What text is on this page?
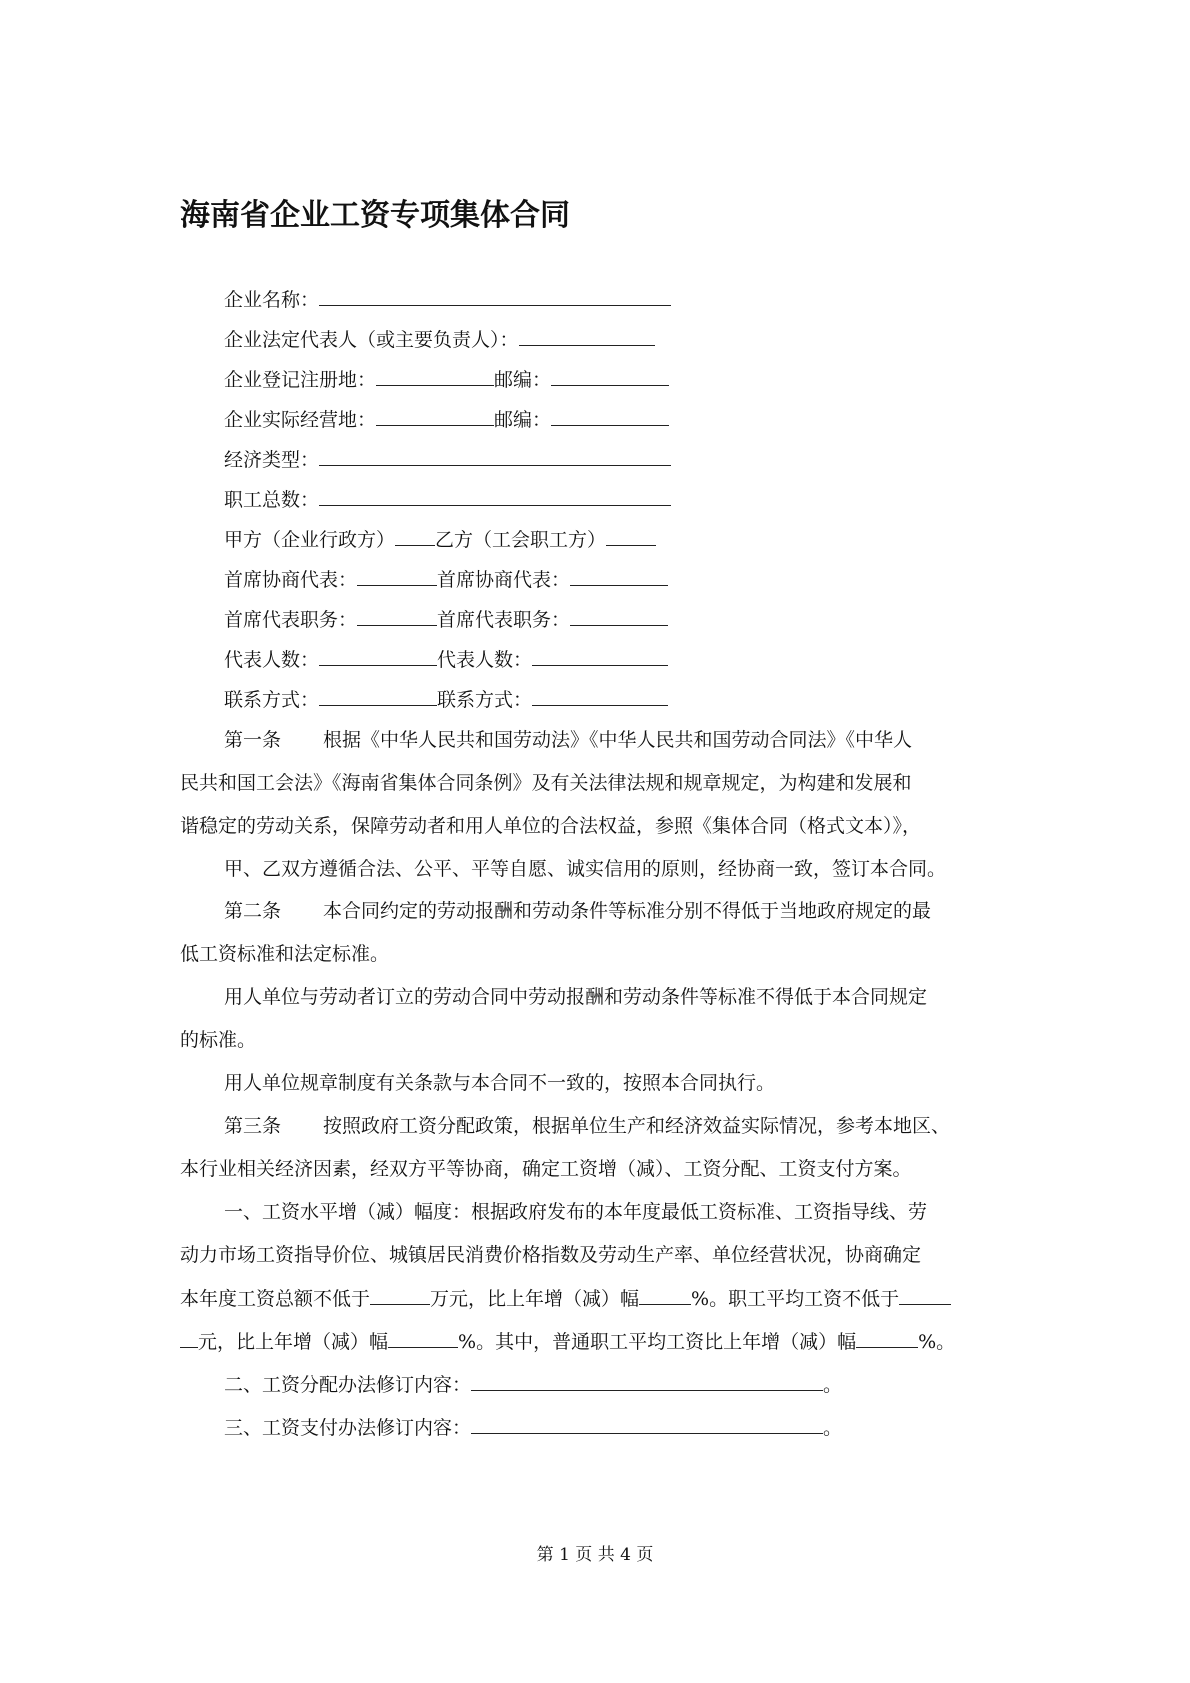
海南省企业工资专项集体合同
企业名称：
企业法定代表人（或主要负责人）：
企业登记注册地：	邮编：
企业实际经营地：	邮编：
经济类型：
职工总数：
甲方（企业行政方） 乙方（工会职工方）
首席协商代表：	首席协商代表：
首席代表职务：	首席代表职务：
代表人数：	代表人数：
联系方式：	联系方式：
第一条 根据《中华人民共和国劳动法》《中华人民共和国劳动合同法》《中华人
民共和国工会法》《海南省集体合同条例》及有关法律法规和规章规定，为构建和发展和
谐稳定的劳动关系，保障劳动者和用人单位的合法权益，参照《集体合同（格式文本）》，
甲、乙双方遵循合法、公平、平等自愿、诚实信用的原则，经协商一致，签订本合同。
第二条 本合同约定的劳动报酬和劳动条件等标准分别不得低于当地政府规定的最
低工资标准和法定标准。
用人单位与劳动者订立的劳动合同中劳动报酬和劳动条件等标准不得低于本合同规定
的标准。
用人单位规章制度有关条款与本合同不一致的，按照本合同执行。
第三条 按照政府工资分配政策，根据单位生产和经济效益实际情况，参考本地区、
本行业相关经济因素，经双方平等协商，确定工资增（减）、工资分配、工资支付方案。
一、工资水平增（减）幅度：根据政府发布的本年度最低工资标准、工资指导线、劳
动力市场工资指导价位、城镇居民消费价格指数及劳动生产率、单位经营状况，协商确定
本年度工资总额不低于	万元，比上年增（减）幅	%。职工平均工资不低于
元，比上年增（减）幅	%。其中，普通职工平均工资比上年增（减）幅	%。
二、工资分配办法修订内容：	。
三、工资支付办法修订内容：	。
第 1 页 共 4 页
